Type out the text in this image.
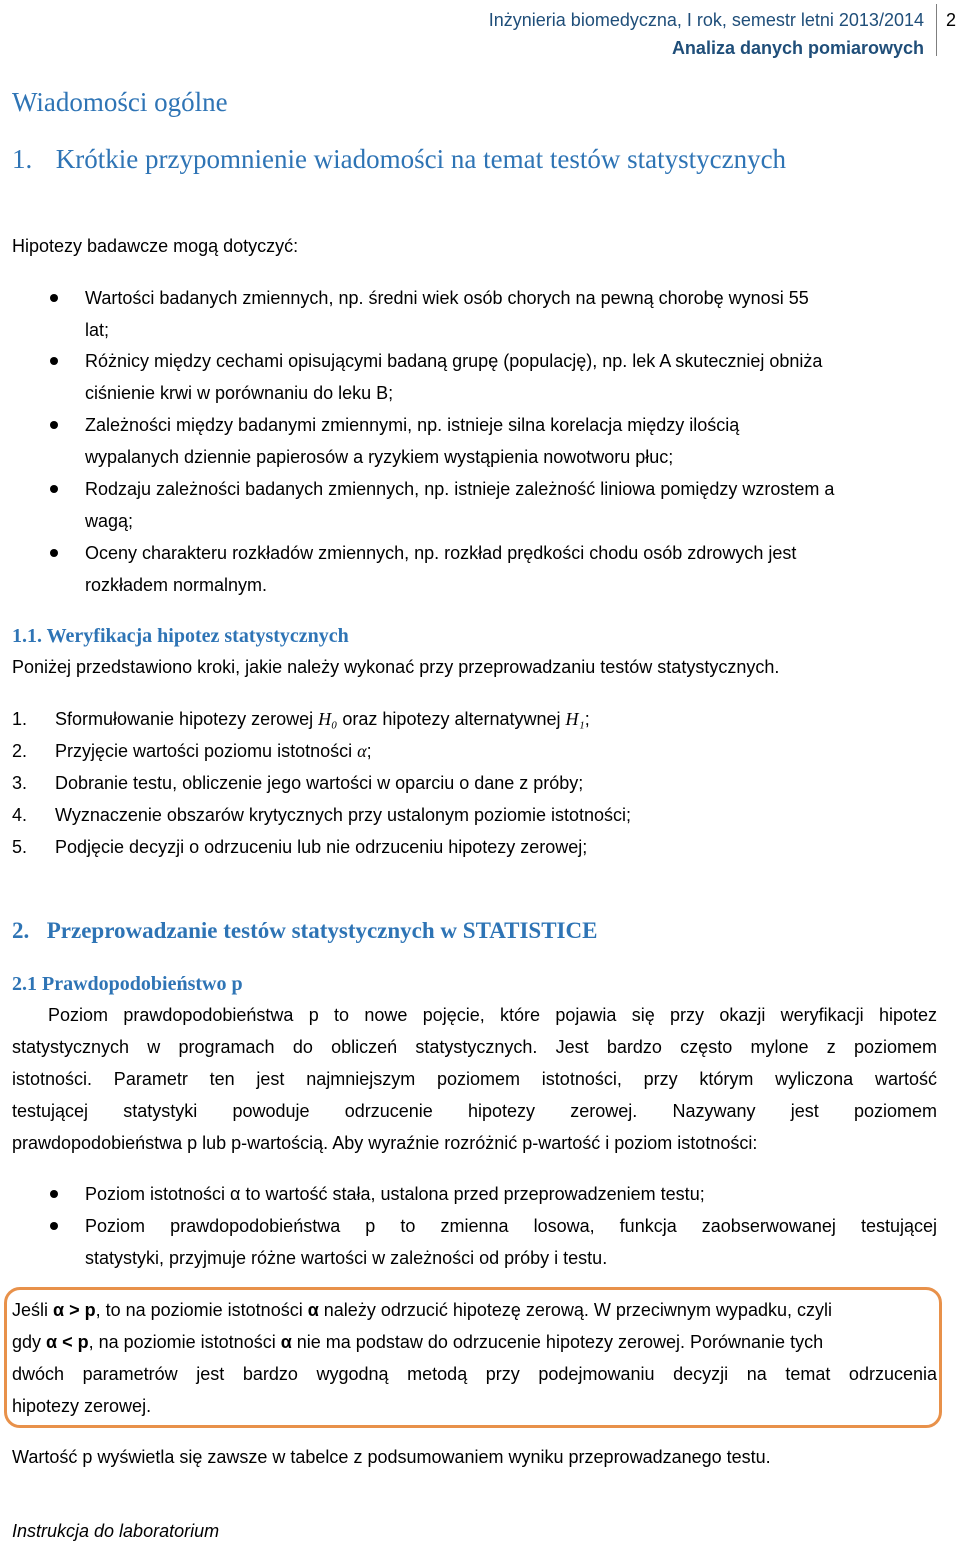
Inżynieria biomedyczna, I rok, semestr letni 2013/2014
Analiza danych pomiarowych
2
Wiadomości ogólne
1. Krótkie przypomnienie wiadomości na temat testów statystycznych
Hipotezy badawcze mogą dotyczyć:
Wartości badanych zmiennych, np. średni wiek osób chorych na pewną chorobę wynosi 55
lat;
Różnicy między cechami opisującymi badaną grupę (populację), np. lek A skuteczniej obniża
ciśnienie krwi w porównaniu do leku B;
Zależności między badanymi zmiennymi, np. istnieje silna korelacja między ilością
wypalanych dziennie papierosów a ryzykiem wystąpienia nowotworu płuc;
Rodzaju zależności badanych zmiennych, np. istnieje zależność liniowa pomiędzy wzrostem a
wagą;
Oceny charakteru rozkładów zmiennych, np. rozkład prędkości chodu osób zdrowych jest
rozkładem normalnym.
1.1. Weryfikacja hipotez statystycznych
Poniżej przedstawiono kroki, jakie należy wykonać przy przeprowadzaniu testów statystycznych.
1. Sformułowanie hipotezy zerowej H₀ oraz hipotezy alternatywnej H₁;
2. Przyjęcie wartości poziomu istotności α;
3. Dobranie testu, obliczenie jego wartości w oparciu o dane z próby;
4. Wyznaczenie obszarów krytycznych przy ustalonym poziomie istotności;
5. Podjęcie decyzji o odrzuceniu lub nie odrzuceniu hipotezy zerowej;
2. Przeprowadzanie testów statystycznych w STATISTICE
2.1 Prawdopodobieństwo p
Poziom prawdopodobieństwa p to nowe pojęcie, które pojawia się przy okazji weryfikacji hipotez
statystycznych w programach do obliczeń statystycznych. Jest bardzo często mylone z poziomem
istotności. Parametr ten jest najmniejszym poziomem istotności, przy którym wyliczona wartość
testującej statystyki powoduje odrzucenie hipotezy zerowej. Nazywany jest poziomem
prawdopodobieństwa p lub p-wartością. Aby wyraźnie rozróżnić p-wartość i poziom istotności:
Poziom istotności α to wartość stała, ustalona przed przeprowadzeniem testu;
Poziom prawdopodobieństwa p to zmienna losowa, funkcja zaobserwowanej testującej
statystyki, przyjmuje różne wartości w zależności od próby i testu.
Jeśli α > p, to na poziomie istotności α należy odrzucić hipotezę zerową. W przeciwnym wypadku, czyli
gdy α < p, na poziomie istotności α nie ma podstaw do odrzucenie hipotezy zerowej. Porównanie tych
dwóch parametrów jest bardzo wygodną metodą przy podejmowaniu decyzji na temat odrzucenia
hipotezy zerowej.
Wartość p wyświetla się zawsze w tabelce z podsumowaniem wyniku przeprowadzanego testu.
Instrukcja do laboratorium
